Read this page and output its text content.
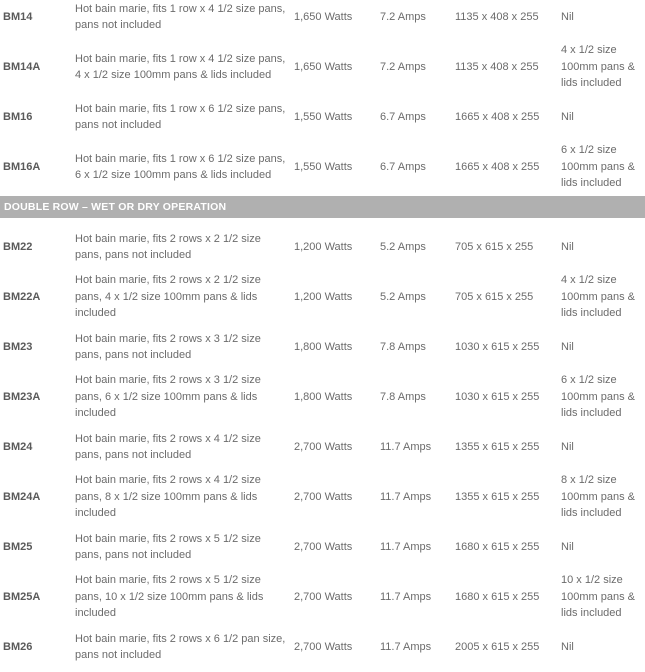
BM14	Hot bain marie, fits 1 row x 4 1/2 size pans, pans not included	1,650 Watts	7.2 Amps	1135 x 408 x 255	Nil
BM14A	Hot bain marie, fits 1 row x 4 1/2 size pans, 4 x 1/2 size 100mm pans & lids included	1,650 Watts	7.2 Amps	1135 x 408 x 255	4 x 1/2 size 100mm pans & lids included
BM16	Hot bain marie, fits 1 row x 6 1/2 size pans, pans not included	1,550 Watts	6.7 Amps	1665 x 408 x 255	Nil
BM16A	Hot bain marie, fits 1 row x 6 1/2 size pans, 6 x 1/2 size 100mm pans & lids included	1,550 Watts	6.7 Amps	1665 x 408 x 255	6 x 1/2 size 100mm pans & lids included

DOUBLE ROW – WET OR DRY OPERATION					

BM22	Hot bain marie, fits 2 rows x 2 1/2 size pans, pans not included	1,200 Watts	5.2 Amps	705 x 615 x 255	Nil
BM22A	Hot bain marie, fits 2 rows x 2 1/2 size pans, 4 x 1/2 size 100mm pans & lids included	1,200 Watts	5.2 Amps	705 x 615 x 255	4 x 1/2 size 100mm pans & lids included
BM23	Hot bain marie, fits 2 rows x 3 1/2 size pans, pans not included	1,800 Watts	7.8 Amps	1030 x 615 x 255	Nil
BM23A	Hot bain marie, fits 2 rows x 3 1/2 size pans, 6 x 1/2 size 100mm pans & lids included	1,800 Watts	7.8 Amps	1030 x 615 x 255	6 x 1/2 size 100mm pans & lids included
BM24	Hot bain marie, fits 2 rows x 4 1/2 size pans, pans not included	2,700 Watts	11.7 Amps	1355 x 615 x 255	Nil
BM24A	Hot bain marie, fits 2 rows x 4 1/2 size pans, 8 x 1/2 size 100mm pans & lids included	2,700 Watts	11.7 Amps	1355 x 615 x 255	8 x 1/2 size 100mm pans & lids included
BM25	Hot bain marie, fits 2 rows x 5 1/2 size pans, pans not included	2,700 Watts	11.7 Amps	1680 x 615 x 255	Nil
BM25A	Hot bain marie, fits 2 rows x 5 1/2 size pans, 10 x 1/2 size 100mm pans & lids included	2,700 Watts	11.7 Amps	1680 x 615 x 255	10 x 1/2 size 100mm pans & lids included
BM26	Hot bain marie, fits 2 rows x 6 1/2 pan size, pans not included	2,700 Watts	11.7 Amps	2005 x 615 x 255	Nil
